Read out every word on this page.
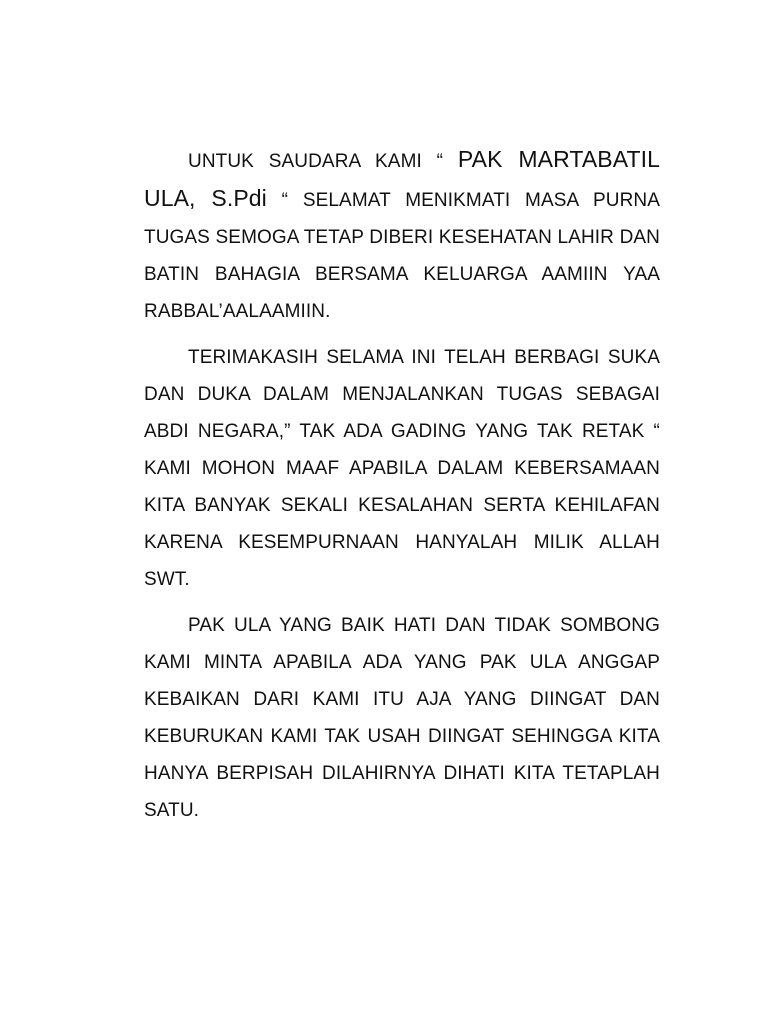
UNTUK SAUDARA KAMI “ PAK MARTABATIL ULA, S.Pdi “ SELAMAT MENIKMATI MASA PURNA TUGAS SEMOGA TETAP DIBERI KESEHATAN LAHIR DAN BATIN BAHAGIA BERSAMA KELUARGA AAMIIN YAA RABBAL’AALAAMIIN.

TERIMAKASIH SELAMA INI TELAH BERBAGI SUKA DAN DUKA DALAM MENJALANKAN TUGAS SEBAGAI ABDI NEGARA,” TAK ADA GADING YANG TAK RETAK “ KAMI MOHON MAAF APABILA DALAM KEBERSAMAAN KITA BANYAK SEKALI KESALAHAN SERTA KEHILAFAN KARENA KESEMPURNAAN HANYALAH MILIK ALLAH SWT.

PAK ULA YANG BAIK HATI DAN TIDAK SOMBONG KAMI MINTA APABILA ADA YANG PAK ULA ANGGAP KEBAIKAN DARI KAMI ITU AJA YANG DIINGAT DAN KEBURUKAN KAMI TAK USAH DIINGAT SEHINGGA KITA HANYA BERPISAH DILAHIRNYA DIHATI KITA TETAPLAH SATU.
